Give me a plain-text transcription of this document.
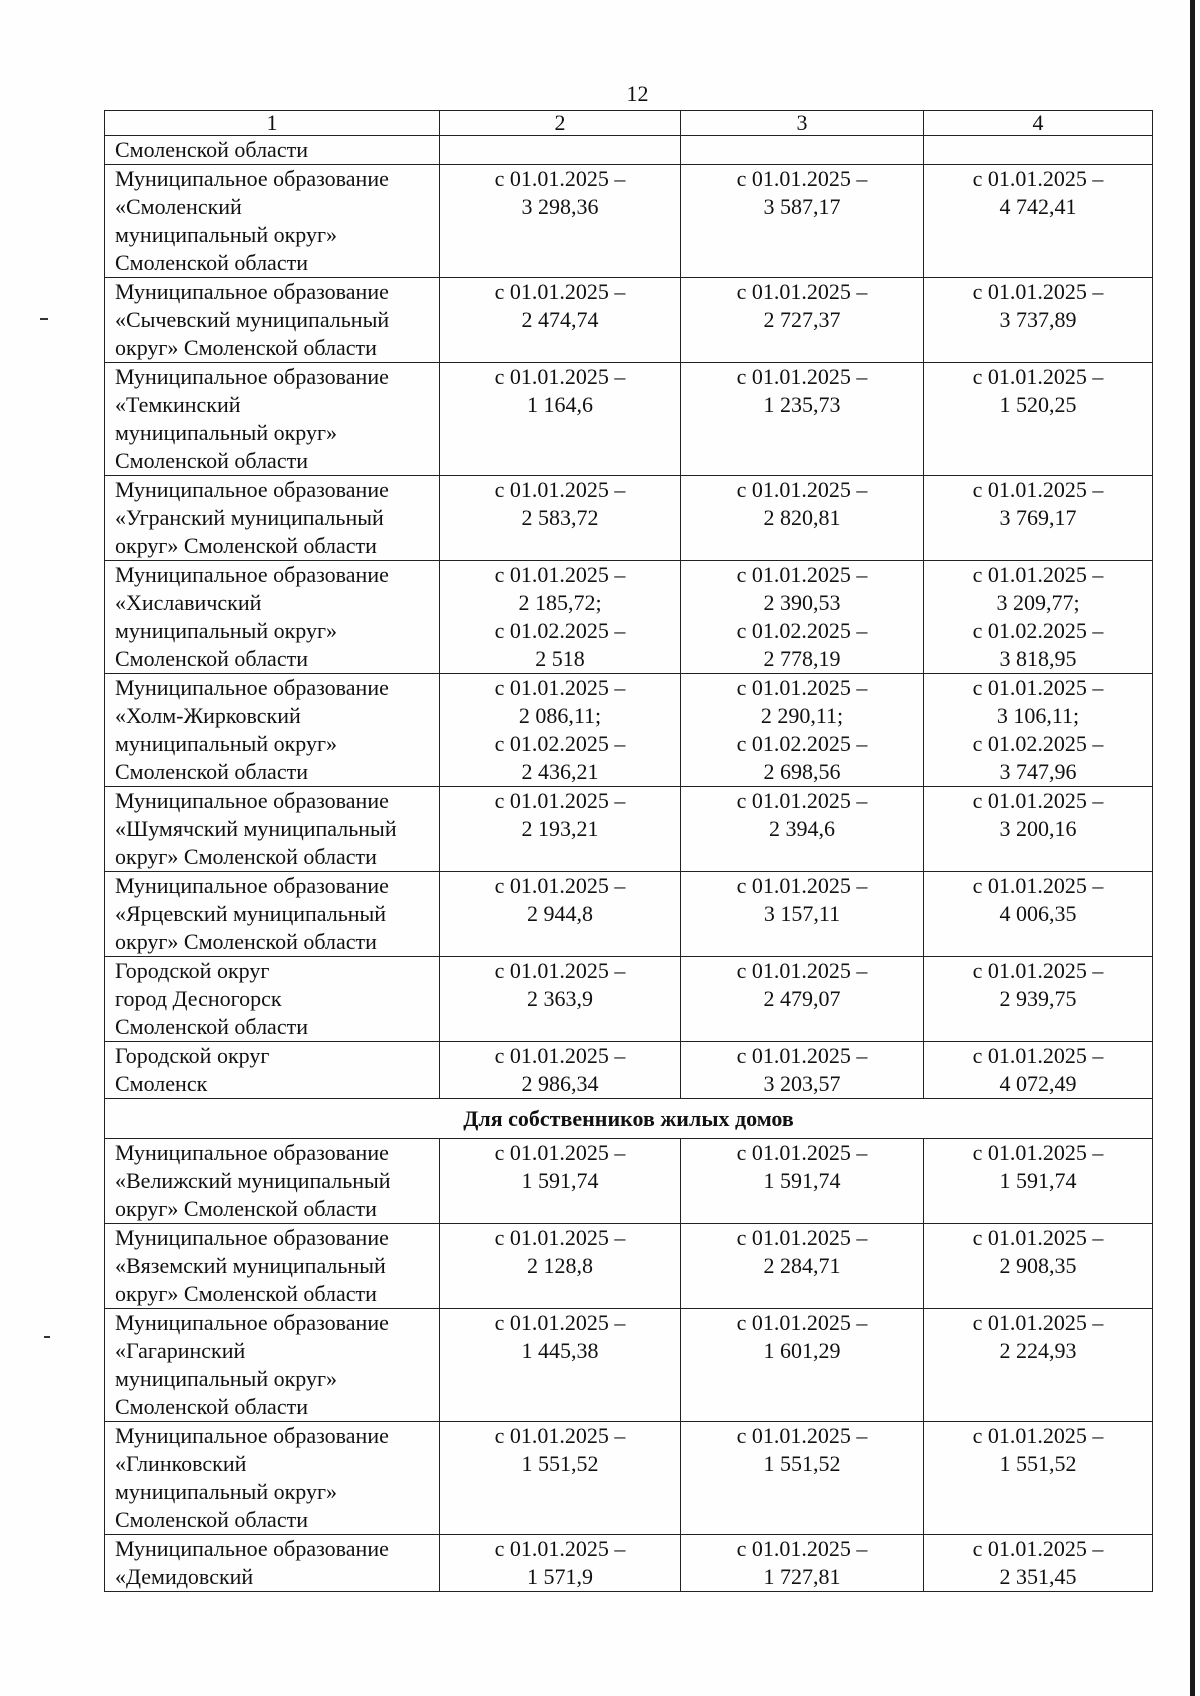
12
1	2	3	4

Смоленской области			

Муниципальное образование
«Смоленский
муниципальный округ»
Смоленской области	с 01.01.2025 –
3 298,36	с 01.01.2025 –
3 587,17	с 01.01.2025 –
4 742,41

Муниципальное образование
«Сычевский муниципальный
округ» Смоленской области	с 01.01.2025 –
2 474,74	с 01.01.2025 –
2 727,37	с 01.01.2025 –
3 737,89

Муниципальное образование
«Темкинский
муниципальный округ»
Смоленской области	с 01.01.2025 –
1 164,6	с 01.01.2025 –
1 235,73	с 01.01.2025 –
1 520,25

Муниципальное образование
«Угранский муниципальный
округ» Смоленской области	с 01.01.2025 –
2 583,72	с 01.01.2025 –
2 820,81	с 01.01.2025 –
3 769,17

Муниципальное образование
«Хиславичский
муниципальный округ»
Смоленской области	с 01.01.2025 –
2 185,72;
с 01.02.2025 –
2 518	с 01.01.2025 –
2 390,53
с 01.02.2025 –
2 778,19	с 01.01.2025 –
3 209,77;
с 01.02.2025 –
3 818,95

Муниципальное образование
«Холм-Жирковский
муниципальный округ»
Смоленской области	с 01.01.2025 –
2 086,11;
с 01.02.2025 –
2 436,21	с 01.01.2025 –
2 290,11;
с 01.02.2025 –
2 698,56	с 01.01.2025 –
3 106,11;
с 01.02.2025 –
3 747,96

Муниципальное образование
«Шумячский муниципальный
округ» Смоленской области	с 01.01.2025 –
2 193,21	с 01.01.2025 –
2 394,6	с 01.01.2025 –
3 200,16

Муниципальное образование
«Ярцевский муниципальный
округ» Смоленской области	с 01.01.2025 –
2 944,8	с 01.01.2025 –
3 157,11	с 01.01.2025 –
4 006,35

Городской округ
город Десногорск
Смоленской области	с 01.01.2025 –
2 363,9	с 01.01.2025 –
2 479,07	с 01.01.2025 –
2 939,75

Городской округ
Смоленск	с 01.01.2025 –
2 986,34	с 01.01.2025 –
3 203,57	с 01.01.2025 –
4 072,49

Для собственников жилых домов			

Муниципальное образование
«Велижский муниципальный
округ» Смоленской области	с 01.01.2025 –
1 591,74	с 01.01.2025 –
1 591,74	с 01.01.2025 –
1 591,74

Муниципальное образование
«Вяземский муниципальный
округ» Смоленской области	с 01.01.2025 –
2 128,8	с 01.01.2025 –
2 284,71	с 01.01.2025 –
2 908,35

Муниципальное образование
«Гагаринский
муниципальный округ»
Смоленской области	с 01.01.2025 –
1 445,38	с 01.01.2025 –
1 601,29	с 01.01.2025 –
2 224,93

Муниципальное образование
«Глинковский
муниципальный округ»
Смоленской области	с 01.01.2025 –
1 551,52	с 01.01.2025 –
1 551,52	с 01.01.2025 –
1 551,52

Муниципальное образование
«Демидовский	с 01.01.2025 –
1 571,9	с 01.01.2025 –
1 727,81	с 01.01.2025 –
2 351,45
